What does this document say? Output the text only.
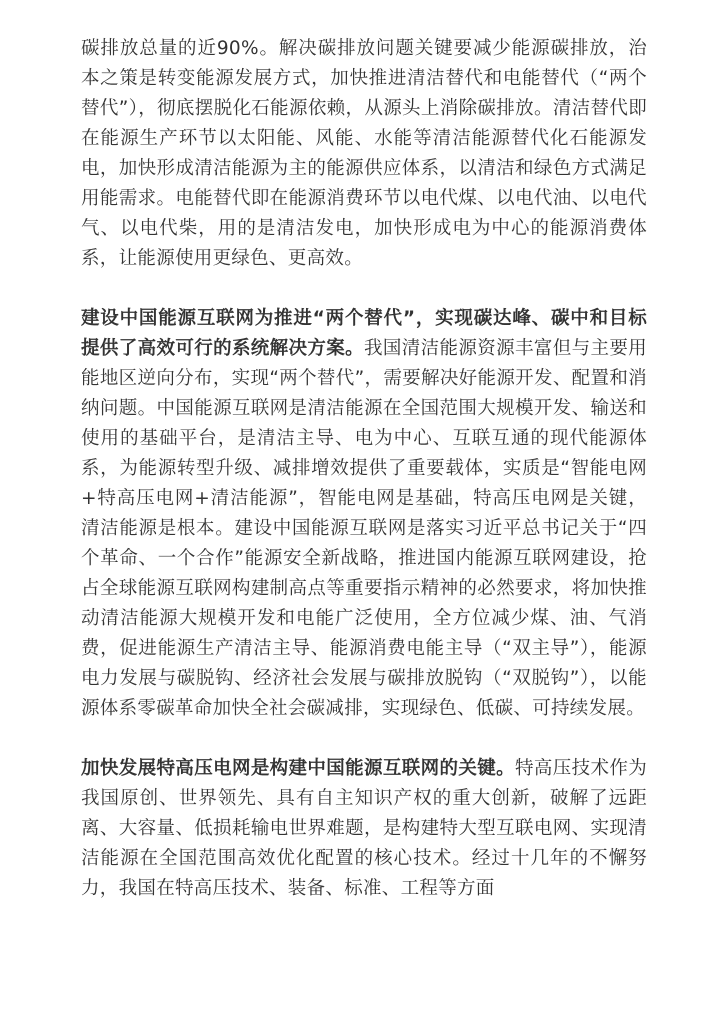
碳排放总量的近90%。解决碳排放问题关键要减少能源碳排放，治本之策是转变能源发展方式，加快推进清洁替代和电能替代（“两个替代”），彻底摆脱化石能源依赖，从源头上消除碳排放。清洁替代即在能源生产环节以太阳能、风能、水能等清洁能源替代化石能源发电，加快形成清洁能源为主的能源供应体系，以清洁和绿色方式满足用能需求。电能替代即在能源消费环节以电代煤、以电代油、以电代气、以电代柴，用的是清洁发电，加快形成电为中心的能源消费体系，让能源使用更绿色、更高效。

建设中国能源互联网为推进“两个替代”，实现碳达峰、碳中和目标提供了高效可行的系统解决方案。我国清洁能源资源丰富但与主要用能地区逆向分布，实现“两个替代”，需要解决好能源开发、配置和消纳问题。中国能源互联网是清洁能源在全国范围大规模开发、输送和使用的基础平台，是清洁主导、电为中心、互联互通的现代能源体系，为能源转型升级、减排增效提供了重要载体，实质是“智能电网+特高压电网+清洁能源”，智能电网是基础，特高压电网是关键，清洁能源是根本。建设中国能源互联网是落实习近平总书记关于“四个革命、一个合作”能源安全新战略，推进国内能源互联网建设，抢占全球能源互联网构建制高点等重要指示精神的必然要求，将加快推动清洁能源大规模开发和电能广泛使用，全方位减少煤、油、气消费，促进能源生产清洁主导、能源消费电能主导（“双主导”），能源电力发展与碳脱钩、经济社会发展与碳排放脱钩（“双脱钩”），以能源体系零碳革命加快全社会碳减排，实现绿色、低碳、可持续发展。

加快发展特高压电网是构建中国能源互联网的关键。特高压技术作为我国原创、世界领先、具有自主知识产权的重大创新，破解了远距离、大容量、低损耗输电世界难题，是构建特大型互联电网、实现清洁能源在全国范围高效优化配置的核心技术。经过十几年的不懈努力，我国在特高压技术、装备、标准、工程等方面
